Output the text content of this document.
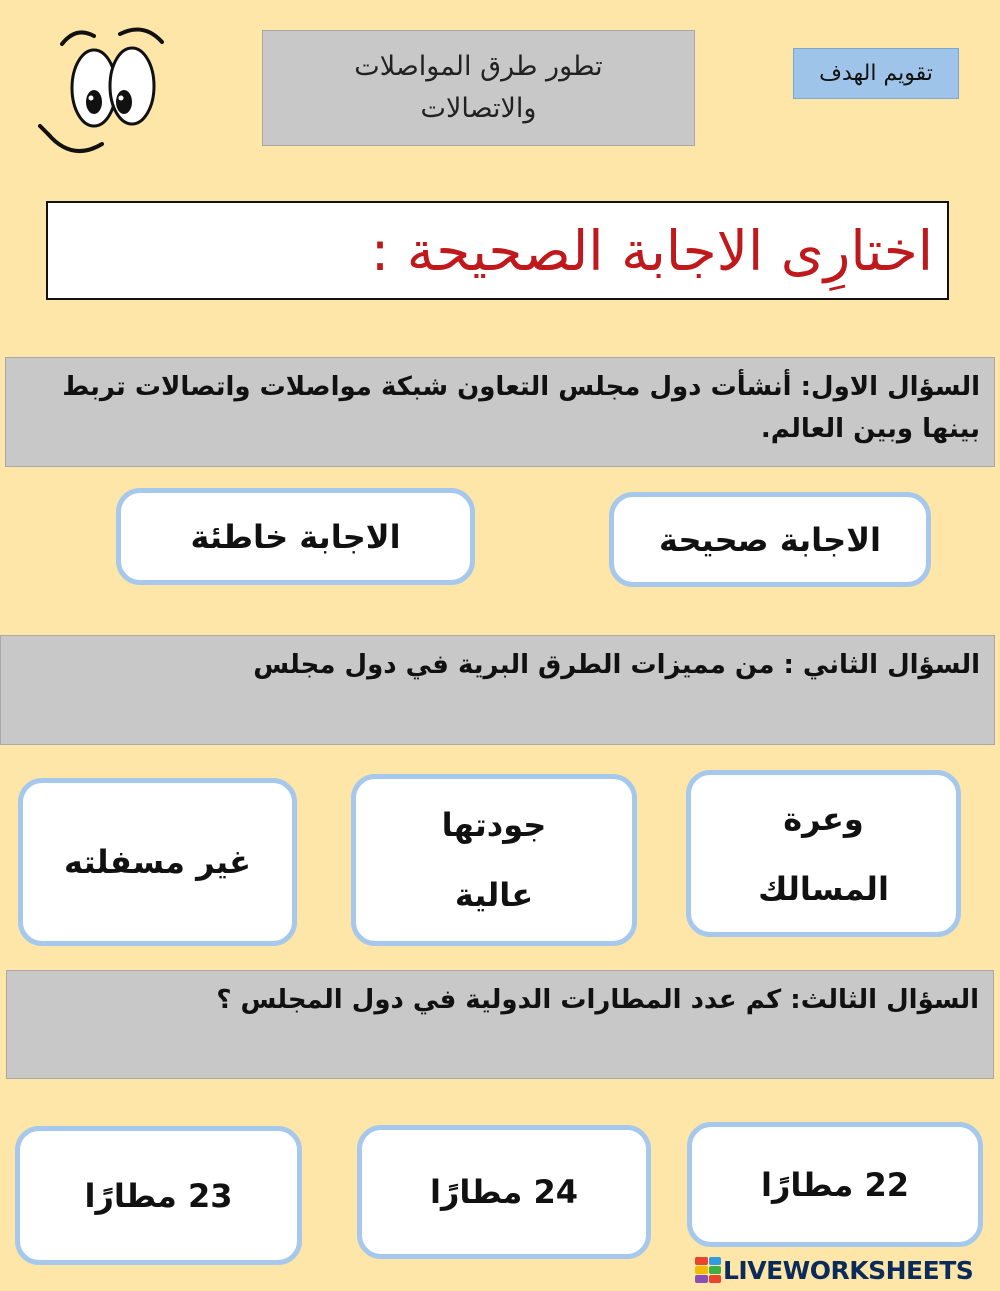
تطور طرق المواصلات والاتصالات
تقويم الهدف
اختارِى الاجابة الصحيحة :
السؤال الاول: أنشأت دول مجلس التعاون شبكة مواصلات واتصالات تربط بينها وبين العالم.
الاجابة صحيحة
الاجابة خاطئة
السؤال الثاني : من مميزات الطرق البرية في دول مجلس
وعرة المسالك
جودتها عالية
غير مسفلته
السؤال الثالث: كم عدد المطارات الدولية في دول المجلس ؟
22 مطارًا
24 مطارًا
23 مطارًا
LIVEWORKSHEETS
